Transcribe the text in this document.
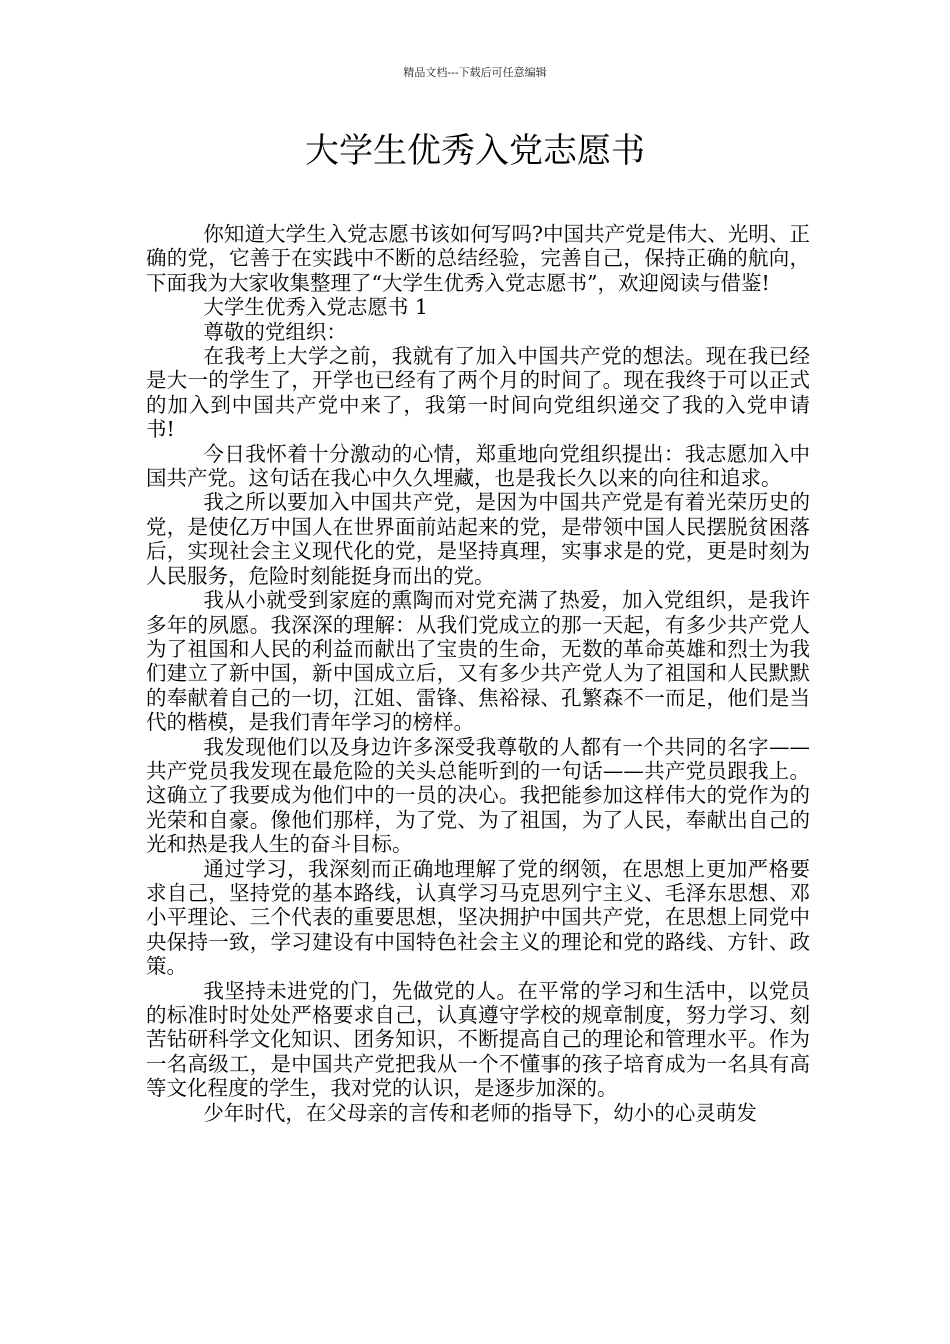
精品文档---下载后可任意编辑
大学生优秀入党志愿书

你知道大学生入党志愿书该如何写吗?中国共产党是伟大、光明、正确的党，它善于在实践中不断的总结经验，完善自己，保持正确的航向，下面我为大家收集整理了“大学生优秀入党志愿书”，欢迎阅读与借鉴!

大学生优秀入党志愿书 1

尊敬的党组织：

在我考上大学之前，我就有了加入中国共产党的想法。现在我已经是大一的学生了，开学也已经有了两个月的时间了。现在我终于可以正式的加入到中国共产党中来了，我第一时间向党组织递交了我的入党申请书!

今日我怀着十分激动的心情，郑重地向党组织提出：我志愿加入中国共产党。这句话在我心中久久埋藏，也是我长久以来的向往和追求。

我之所以要加入中国共产党，是因为中国共产党是有着光荣历史的党，是使亿万中国人在世界面前站起来的党，是带领中国人民摆脱贫困落后，实现社会主义现代化的党，是坚持真理，实事求是的党，更是时刻为人民服务，危险时刻能挺身而出的党。

我从小就受到家庭的熏陶而对党充满了热爱，加入党组织，是我许多年的夙愿。我深深的理解：从我们党成立的那一天起，有多少共产党人为了祖国和人民的利益而献出了宝贵的生命，无数的革命英雄和烈士为我们建立了新中国，新中国成立后，又有多少共产党人为了祖国和人民默默的奉献着自己的一切，江姐、雷锋、焦裕禄、孔繁森不一而足，他们是当代的楷模，是我们青年学习的榜样。

我发现他们以及身边许多深受我尊敬的人都有一个共同的名字——共产党员我发现在最危险的关头总能听到的一句话——共产党员跟我上。这确立了我要成为他们中的一员的决心。我把能参加这样伟大的党作为的光荣和自豪。像他们那样，为了党、为了祖国，为了人民，奉献出自己的光和热是我人生的奋斗目标。

通过学习，我深刻而正确地理解了党的纲领，在思想上更加严格要求自己，坚持党的基本路线，认真学习马克思列宁主义、毛泽东思想、邓小平理论、三个代表的重要思想，坚决拥护中国共产党，在思想上同党中央保持一致，学习建设有中国特色社会主义的理论和党的路线、方针、政策。

我坚持未进党的门，先做党的人。在平常的学习和生活中，以党员的标准时时处处严格要求自己，认真遵守学校的规章制度，努力学习、刻苦钻研科学文化知识、团务知识，不断提高自己的理论和管理水平。作为一名高级工，是中国共产党把我从一个不懂事的孩子培育成为一名具有高等文化程度的学生，我对党的认识，是逐步加深的。

少年时代，在父母亲的言传和老师的指导下，幼小的心灵萌发
